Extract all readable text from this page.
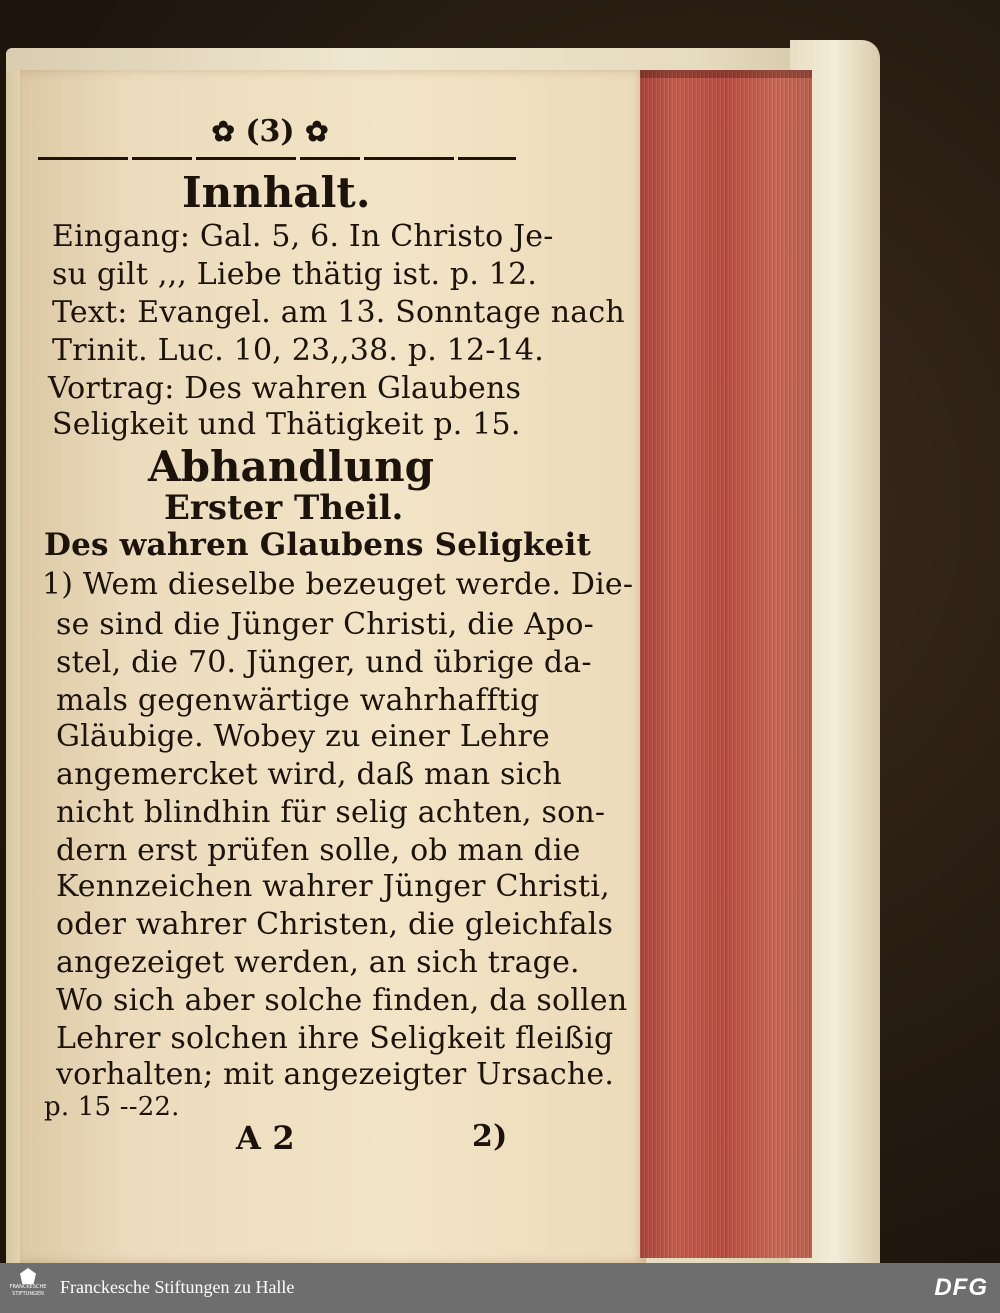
✿ (3) ✿
Innhalt.
Eingang: Gal. 5, 6. In Christo Je-
su gilt ,,, Liebe thätig ist. p. 12.
Text: Evangel. am 13. Sonntage nach
Trinit. Luc. 10, 23,,38. p. 12-14.
Vortrag: Des wahren Glaubens
Seligkeit und Thätigkeit p. 15.
Abhandlung
Erster Theil.
Des wahren Glaubens Seligkeit
1) Wem dieselbe bezeuget werde. Die-
se sind die Jünger Christi, die Apo-
stel, die 70. Jünger, und übrige da-
mals gegenwärtige wahrhafftig
Gläubige. Wobey zu einer Lehre
angemercket wird, daß man sich
nicht blindhin für selig achten, son-
dern erst prüfen solle, ob man die
Kennzeichen wahrer Jünger Christi,
oder wahrer Christen, die gleichfals
angezeiget werden, an sich trage.
Wo sich aber solche finden, da sollen
Lehrer solchen ihre Seligkeit fleißig
vorhalten; mit angezeigter Ursache.
p. 15 --22.
A 2	2)
FRANCKESCHE
STIFTUNGEN Franckesche Stiftungen zu Halle	DFG
